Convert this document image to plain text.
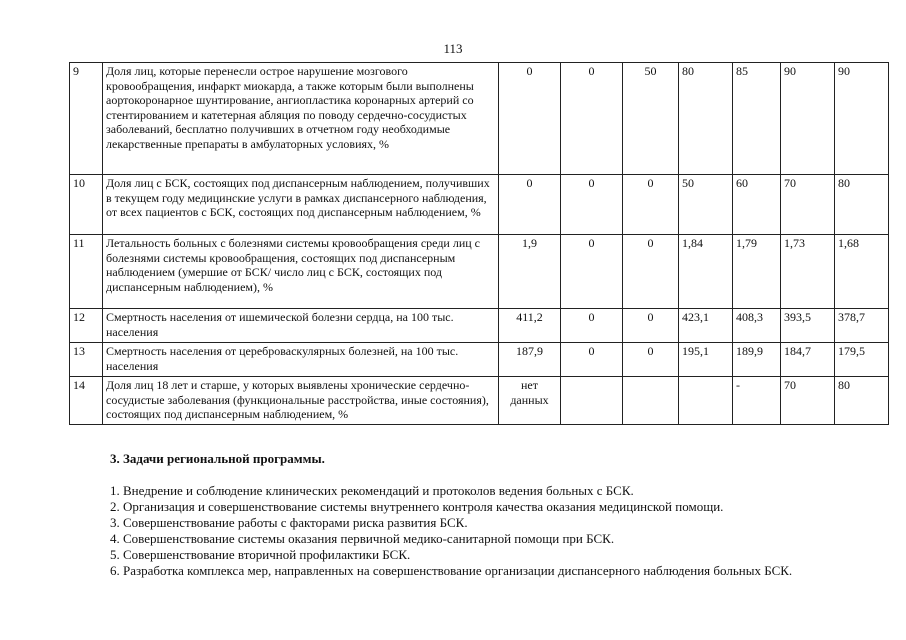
113
9	Доля лиц, которые перенесли острое нарушение мозгового кровообращения, инфаркт миокарда, а также которым были выполнены аортокоронарное шунтирование, ангиопластика коронарных артерий со стентированием и катетерная абляция по поводу сердечно-сосудистых заболеваний, бесплатно получивших в отчетном году необходимые лекарственные препараты в амбулаторных условиях, %	0	0	50	80	85	90	90
10	Доля лиц с БСК, состоящих под диспансерным наблюдением, получивших в текущем году медицинские услуги в рамках диспансерного наблюдения, от всех пациентов с БСК, состоящих под диспансерным наблюдением, %	0	0	0	50	60	70	80
11	Летальность больных с болезнями системы кровообращения среди лиц с болезнями системы кровообращения, состоящих под диспансерным наблюдением (умершие от БСК/ число лиц с БСК, состоящих под диспансерным наблюдением), %	1,9	0	0	1,84	1,79	1,73	1,68
12	Смертность населения от ишемической болезни сердца, на 100 тыс. населения	411,2	0	0	423,1	408,3	393,5	378,7
13	Смертность населения от цереброваскулярных болезней, на 100 тыс. населения	187,9	0	0	195,1	189,9	184,7	179,5
14	Доля лиц 18 лет и старше, у которых выявлены хронические сердечно-сосудистые заболевания (функциональные расстройства, иные состояния), состоящих под диспансерным наблюдением, %	нет данных				-	70	80
3. Задачи региональной программы.
1. Внедрение и соблюдение клинических рекомендаций и протоколов ведения больных с БСК.
2. Организация и совершенствование системы внутреннего контроля качества оказания медицинской помощи.
3. Совершенствование работы с факторами риска развития БСК.
4. Совершенствование системы оказания первичной медико-санитарной помощи при БСК.
5. Совершенствование вторичной профилактики БСК.
6. Разработка комплекса мер, направленных на совершенствование организации диспансерного наблюдения больных БСК.
